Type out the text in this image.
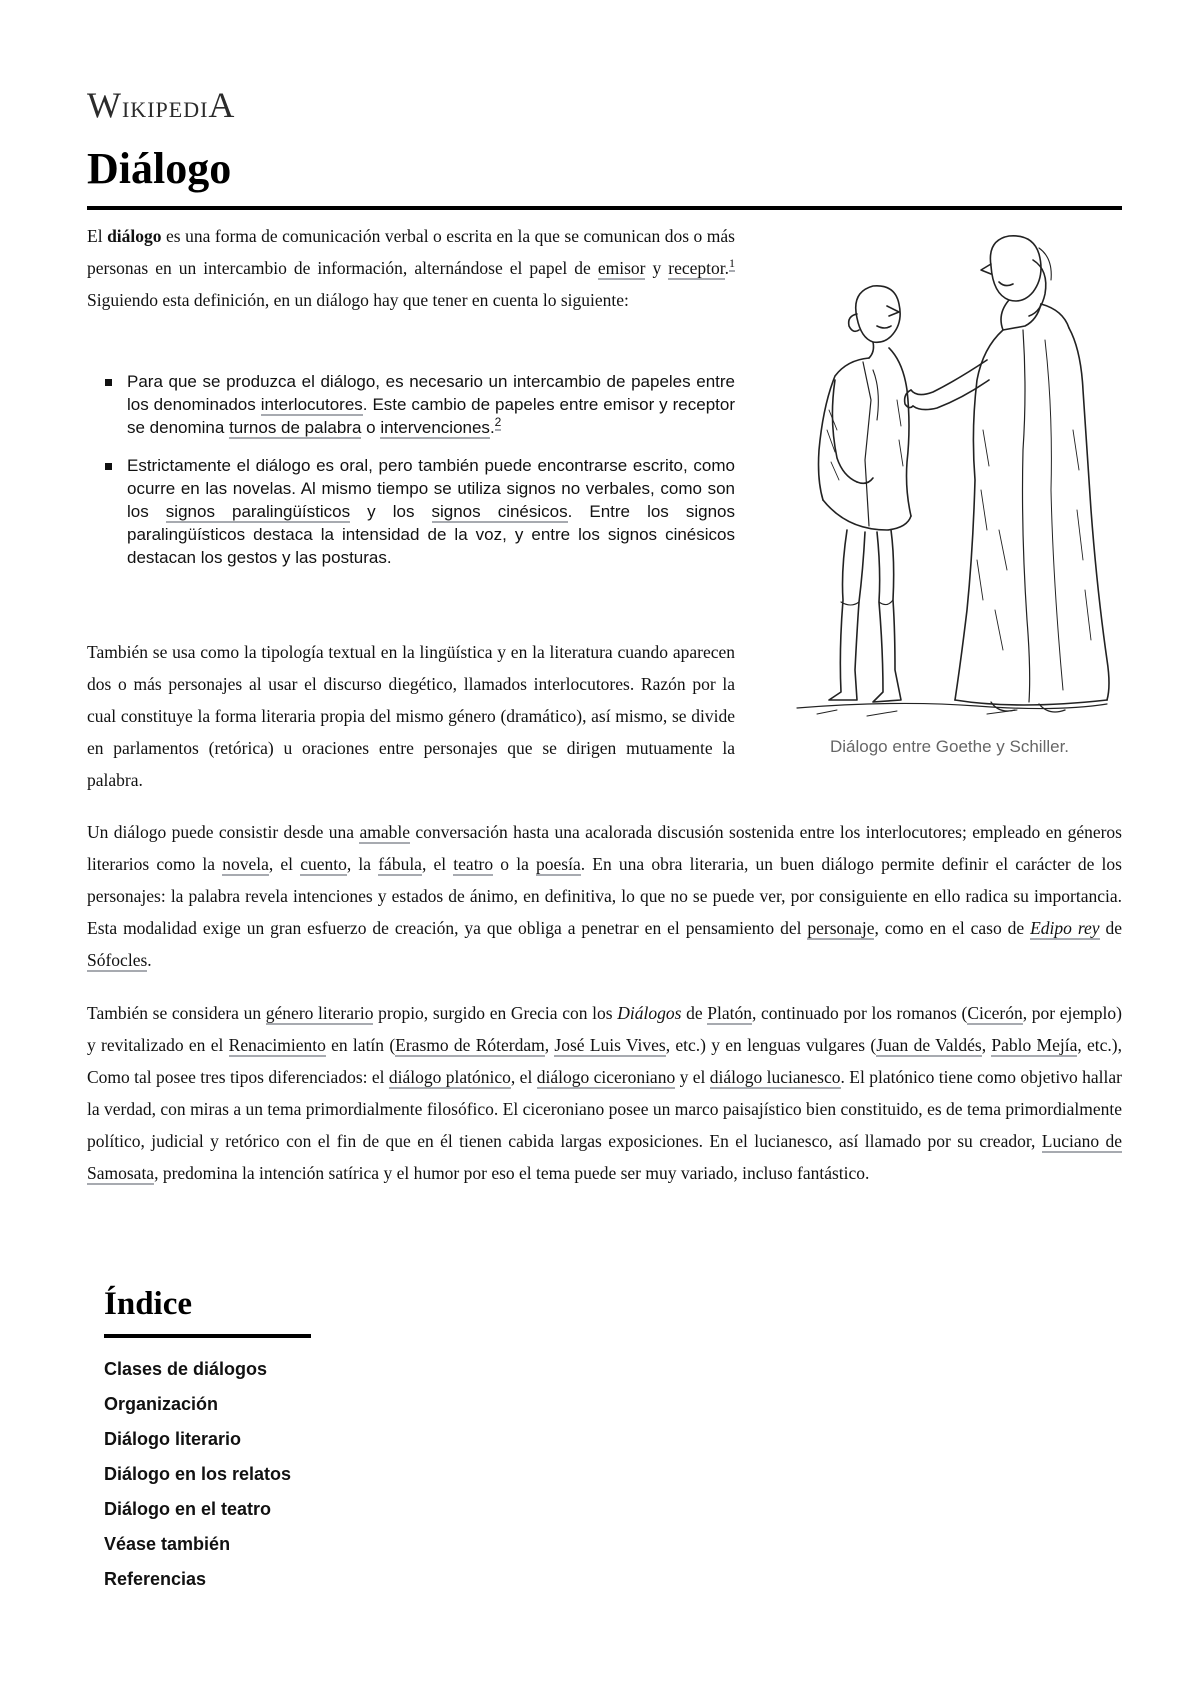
WikipediA
Diálogo

El diálogo es una forma de comunicación verbal o escrita en la que se comunican dos o más personas en un intercambio de información, alternándose el papel de emisor y receptor.$^1$ Siguiendo esta definición, en un diálogo hay que tener en cuenta lo siguiente:

Para que se produzca el diálogo, es necesario un intercambio de papeles entre los denominados interlocutores. Este cambio de papeles entre emisor y receptor se denomina turnos de palabra o intervenciones.$^2$
Estrictamente el diálogo es oral, pero también puede encontrarse escrito, como ocurre en las novelas. Al mismo tiempo se utiliza signos no verbales, como son los signos paralingüísticos y los signos cinésicos. Entre los signos paralingüísticos destaca la intensidad de la voz, y entre los signos cinésicos destacan los gestos y las posturas.

También se usa como la tipología textual en la lingüística y en la literatura cuando aparecen dos o más personajes al usar el discurso diegético, llamados interlocutores. Razón por la cual constituye la forma literaria propia del mismo género (dramático), así mismo, se divide en parlamentos (retórica) u oraciones entre personajes que se dirigen mutuamente la palabra.

Diálogo entre Goethe y Schiller.

Un diálogo puede consistir desde una amable conversación hasta una acalorada discusión sostenida entre los interlocutores; empleado en géneros literarios como la novela, el cuento, la fábula, el teatro o la poesía. En una obra literaria, un buen diálogo permite definir el carácter de los personajes: la palabra revela intenciones y estados de ánimo, en definitiva, lo que no se puede ver, por consiguiente en ello radica su importancia. Esta modalidad exige un gran esfuerzo de creación, ya que obliga a penetrar en el pensamiento del personaje, como en el caso de Edipo rey de Sófocles.

También se considera un género literario propio, surgido en Grecia con los Diálogos de Platón, continuado por los romanos (Cicerón, por ejemplo) y revitalizado en el Renacimiento en latín (Erasmo de Róterdam, José Luis Vives, etc.) y en lenguas vulgares (Juan de Valdés, Pablo Mejía, etc.), Como tal posee tres tipos diferenciados: el diálogo platónico, el diálogo ciceroniano y el diálogo lucianesco. El platónico tiene como objetivo hallar la verdad, con miras a un tema primordialmente filosófico. El ciceroniano posee un marco paisajístico bien constituido, es de tema primordialmente político, judicial y retórico con el fin de que en él tienen cabida largas exposiciones. En el lucianesco, así llamado por su creador, Luciano de Samosata, predomina la intención satírica y el humor por eso el tema puede ser muy variado, incluso fantástico.

Índice
Clases de diálogos
Organización
Diálogo literario
Diálogo en los relatos
Diálogo en el teatro
Véase también
Referencias
